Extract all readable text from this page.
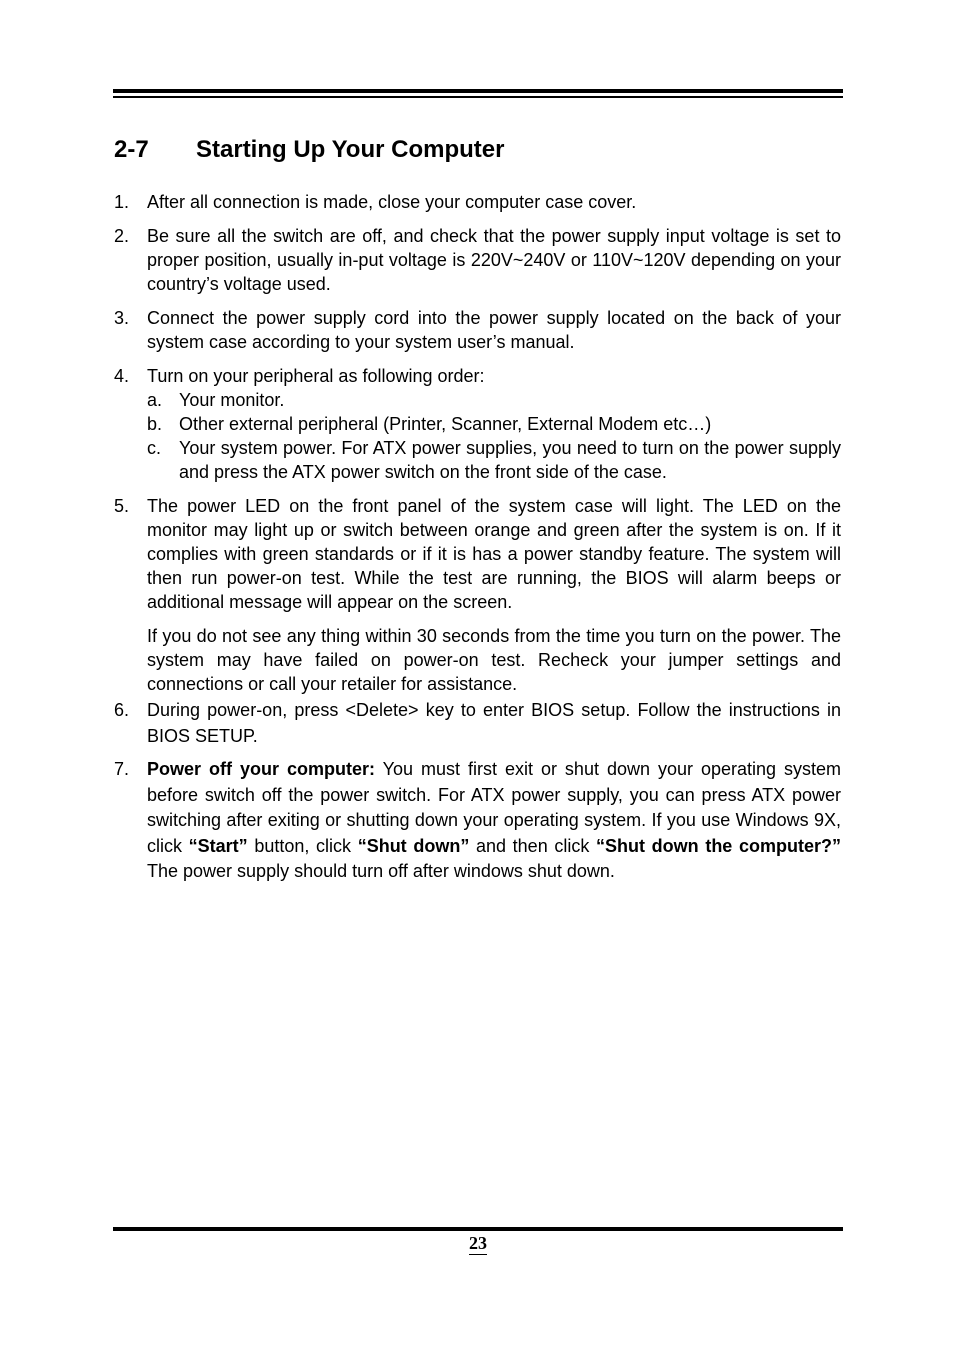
2-7 Starting Up Your Computer
1. After all connection is made, close your computer case cover.

2. Be sure all the switch are off, and check that the power supply input voltage is set to proper position, usually in-put voltage is 220V~240V or 110V~120V depending on your country’s voltage used.

3. Connect the power supply cord into the power supply located on the back of your system case according to your system user’s manual.

4. Turn on your peripheral as following order:

a. Your monitor.

b. Other external peripheral (Printer, Scanner, External Modem etc…)

c. Your system power. For ATX power supplies, you need to turn on the power supply and press the ATX power switch on the front side of the case.

5. The power LED on the front panel of the system case will light. The LED on the monitor may light up or switch between orange and green after the system is on. If it complies with green standards or if it is has a power standby feature. The system will then run power-on test. While the test are running, the BIOS will alarm beeps or additional message will appear on the screen.

If you do not see any thing within 30 seconds from the time you turn on the power. The system may have failed on power-on test. Recheck your jumper settings and connections or call your retailer for assistance.

6. During power-on, press <Delete> key to enter BIOS setup. Follow the instructions in BIOS SETUP.

7. Power off your computer: You must first exit or shut down your operating system before switch off the power switch. For ATX power supply, you can press ATX power switching after exiting or shutting down your operating system. If you use Windows 9X, click “Start” button, click “Shut down” and then click “Shut down the computer?” The power supply should turn off after windows shut down.

23
